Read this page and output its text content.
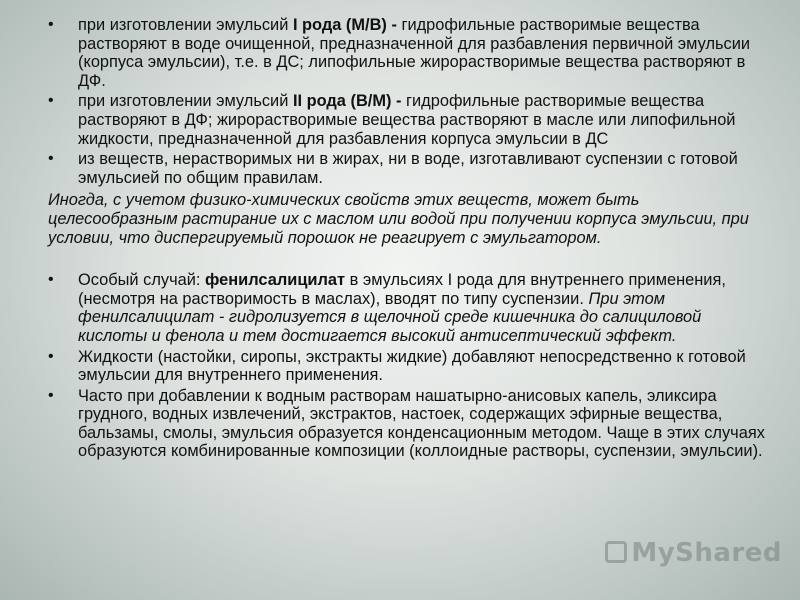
• при изготовлении эмульсий I рода (М/В) - гидрофильные растворимые вещества растворяют в воде очищенной, предназначенной для разбавления первичной эмульсии (корпуса эмульсии), т.е. в ДС; липофильные жирорастворимые вещества растворяют в ДФ.
• при изготовлении эмульсий II рода (В/М) - гидрофильные растворимые вещества растворяют в ДФ; жирорастворимые вещества растворяют в масле или липофильной жидкости, предназначенной для разбавления корпуса эмульсии в ДС
• из веществ, нерастворимых ни в жирах, ни в воде, изготавливают суспензии с готовой эмульсией по общим правилам.

Иногда, с учетом физико-химических свойств этих веществ, может быть целесообразным растирание их с маслом или водой при получении корпуса эмульсии, при условии, что диспергируемый порошок не реагирует с эмульгатором.

• Особый случай: фенилсалицилат в эмульсиях I рода для внутреннего применения, (несмотря на растворимость в маслах), вводят по типу суспензии. При этом фенилсалицилат - гидролизуется в щелочной среде кишечника до салициловой кислоты и фенола и тем достигается высокий антисептический эффект.
• Жидкости (настойки, сиропы, экстракты жидкие) добавляют непосредственно к готовой эмульсии для внутреннего применения.
• Часто при добавлении к водным растворам нашатырно-анисовых капель, эликсира грудного, водных извлечений, экстрактов, настоек, содержащих эфирные вещества, бальзамы, смолы, эмульсия образуется конденсационным методом. Чаще в этих случаях образуются комбинированные композиции (коллоидные растворы, суспензии, эмульсии).
MyShared
